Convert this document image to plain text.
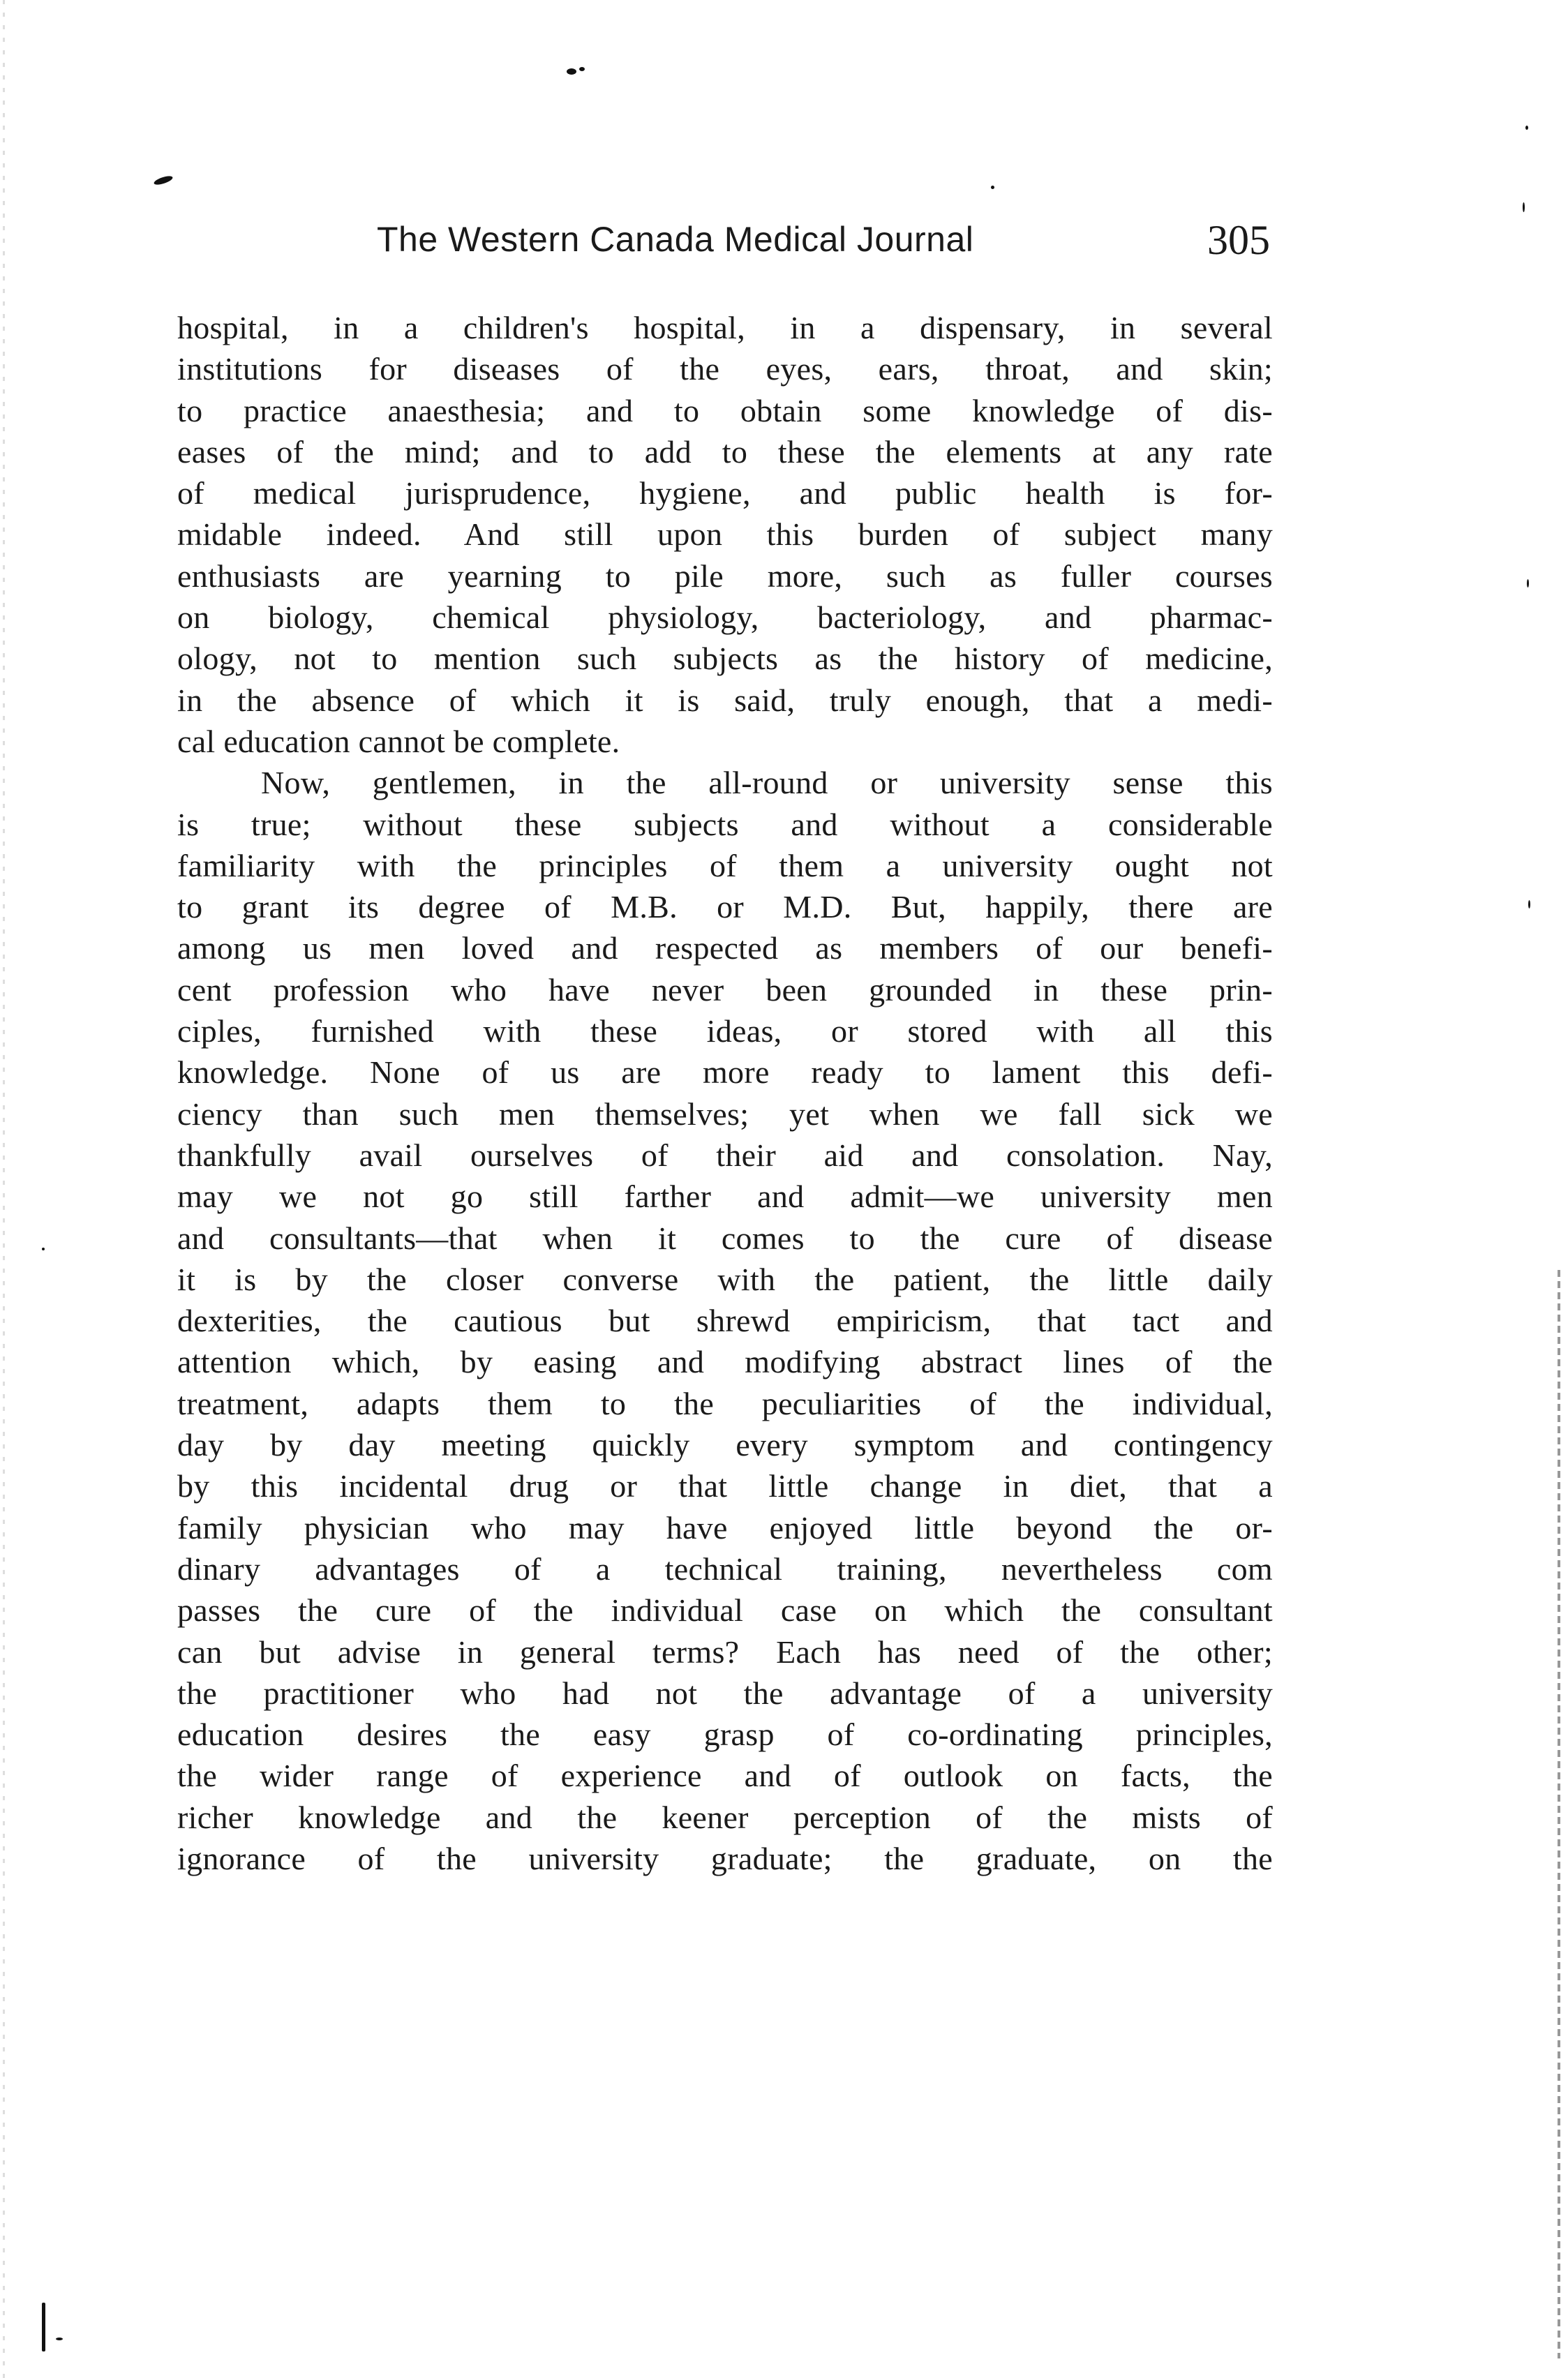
The Western Canada Medical Journal	305
hospital, in a children's hospital, in a dispensary, in several
institutions for diseases of the eyes, ears, throat, and skin;
to practice anaesthesia; and to obtain some knowledge of dis-
eases of the mind; and to add to these the elements at any rate
of medical jurisprudence, hygiene, and public health is for-
midable indeed. And still upon this burden of subject many
enthusiasts are yearning to pile more, such as fuller courses
on biology, chemical physiology, bacteriology, and pharmac-
ology, not to mention such subjects as the history of medicine,
in the absence of which it is said, truly enough, that a medi-
cal education cannot be complete.
Now, gentlemen, in the all-round or university sense this
is true; without these subjects and without a considerable
familiarity with the principles of them a university ought not
to grant its degree of M.B. or M.D. But, happily, there are
among us men loved and respected as members of our benefi-
cent profession who have never been grounded in these prin-
ciples, furnished with these ideas, or stored with all this
knowledge. None of us are more ready to lament this defi-
ciency than such men themselves; yet when we fall sick we
thankfully avail ourselves of their aid and consolation. Nay,
may we not go still farther and admit—we university men
and consultants—that when it comes to the cure of disease
it is by the closer converse with the patient, the little daily
dexterities, the cautious but shrewd empiricism, that tact and
attention which, by easing and modifying abstract lines of the
treatment, adapts them to the peculiarities of the individual,
day by day meeting quickly every symptom and contingency
by this incidental drug or that little change in diet, that a
family physician who may have enjoyed little beyond the or-
dinary advantages of a technical training, nevertheless com
passes the cure of the individual case on which the consultant
can but advise in general terms? Each has need of the other;
the practitioner who had not the advantage of a university
education desires the easy grasp of co-ordinating principles,
the wider range of experience and of outlook on facts, the
richer knowledge and the keener perception of the mists of
ignorance of the university graduate; the graduate, on the
